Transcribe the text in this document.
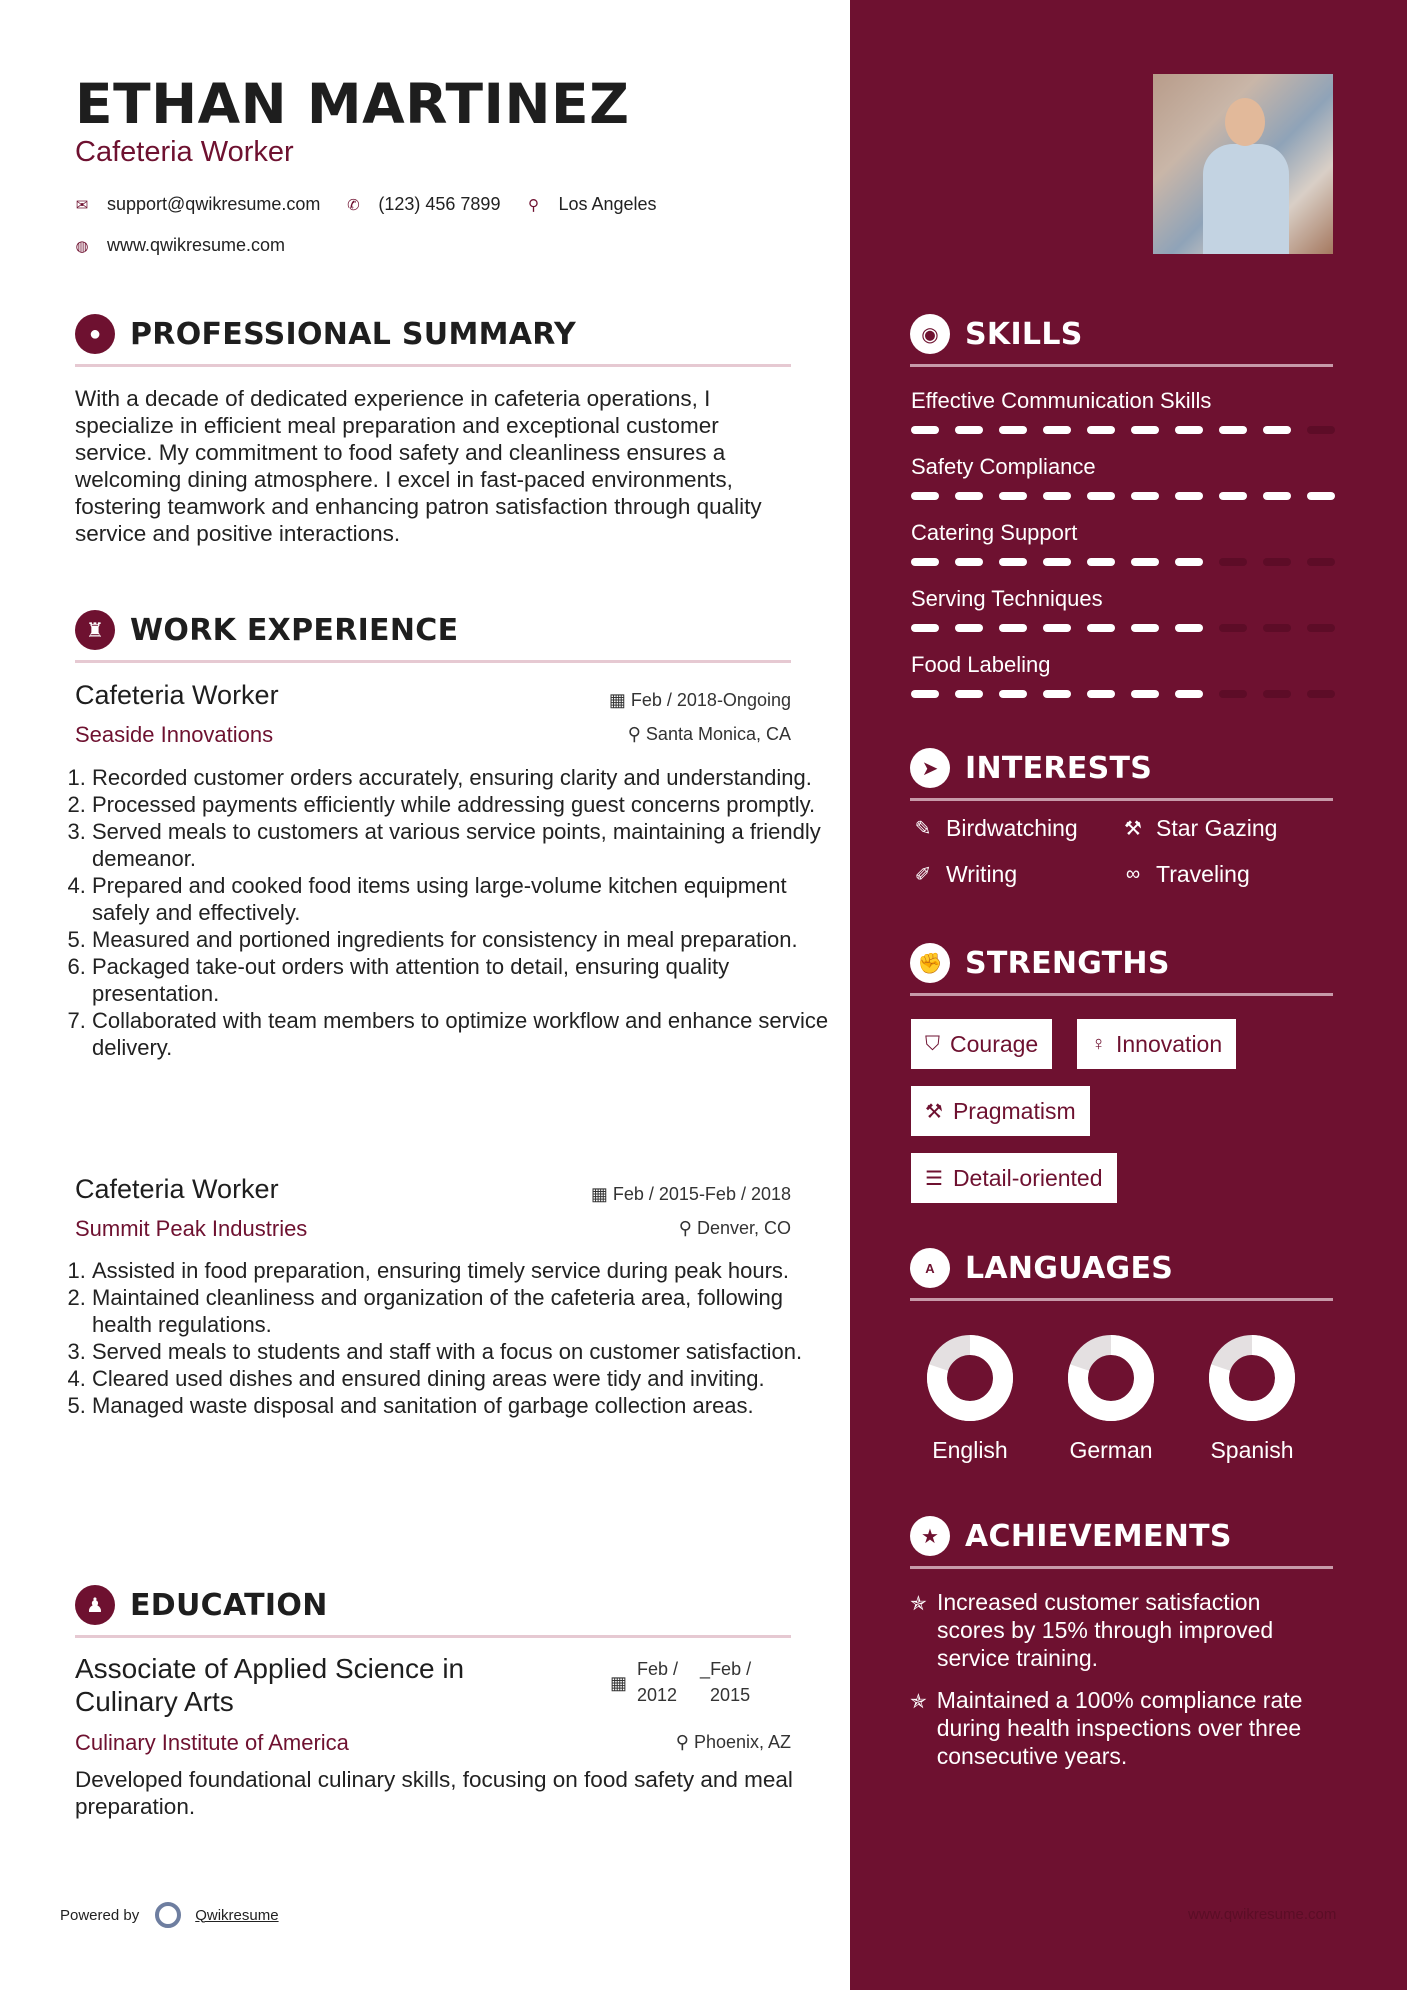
ETHAN MARTINEZ
Cafeteria Worker
✉ support@qwikresume.com ✆ (123) 456 7899 ⚲ Los Angeles
◍ www.qwikresume.com
● PROFESSIONAL SUMMARY

With a decade of dedicated experience in cafeteria operations, I specialize in efficient meal preparation and exceptional customer service. My commitment to food safety and cleanliness ensures a welcoming dining atmosphere. I excel in fast-paced environments, fostering teamwork and enhancing patron satisfaction through quality service and positive interactions.

♜ WORK EXPERIENCE
Cafeteria Worker	▦ Feb / 2018-Ongoing
Seaside Innovations	⚲ Santa Monica, CA
1. Recorded customer orders accurately, ensuring clarity and understanding.
2. Processed payments efficiently while addressing guest concerns promptly.
3. Served meals to customers at various service points, maintaining a friendly demeanor.
4. Prepared and cooked food items using large-volume kitchen equipment safely and effectively.
5. Measured and portioned ingredients for consistency in meal preparation.
6. Packaged take-out orders with attention to detail, ensuring quality presentation.
7. Collaborated with team members to optimize workflow and enhance service delivery.
Cafeteria Worker	▦ Feb / 2015-Feb / 2018
Summit Peak Industries	⚲ Denver, CO
1. Assisted in food preparation, ensuring timely service during peak hours.
2. Maintained cleanliness and organization of the cafeteria area, following health regulations.
3. Served meals to students and staff with a focus on customer satisfaction.
4. Cleared used dishes and ensured dining areas were tidy and inviting.
5. Managed waste disposal and sanitation of garbage collection areas.
♟ EDUCATION
Associate of Applied Science in Culinary Arts
▦
Feb /
2012
_Feb /
2015
Culinary Institute of America	⚲ Phoenix, AZ
Developed foundational culinary skills, focusing on food safety and meal preparation.
Powered by	Qwikresume
◉ SKILLS
Effective Communication Skills
Safety Compliance
Catering Support
Serving Techniques
Food Labeling
➤ INTERESTS
✎ Birdwatching ⚒ Star Gazing
✐ Writing	∞ Traveling
✊ STRENGTHS
⛉ Courage	♀ Innovation
⚒ Pragmatism
☰ Detail-oriented
A	LANGUAGES
English	German	Spanish
★ ACHIEVEMENTS
✯ Increased customer satisfaction scores by 15% through improved service training.
✯ Maintained a 100% compliance rate during health inspections over three consecutive years.
www.qwikresume.com
